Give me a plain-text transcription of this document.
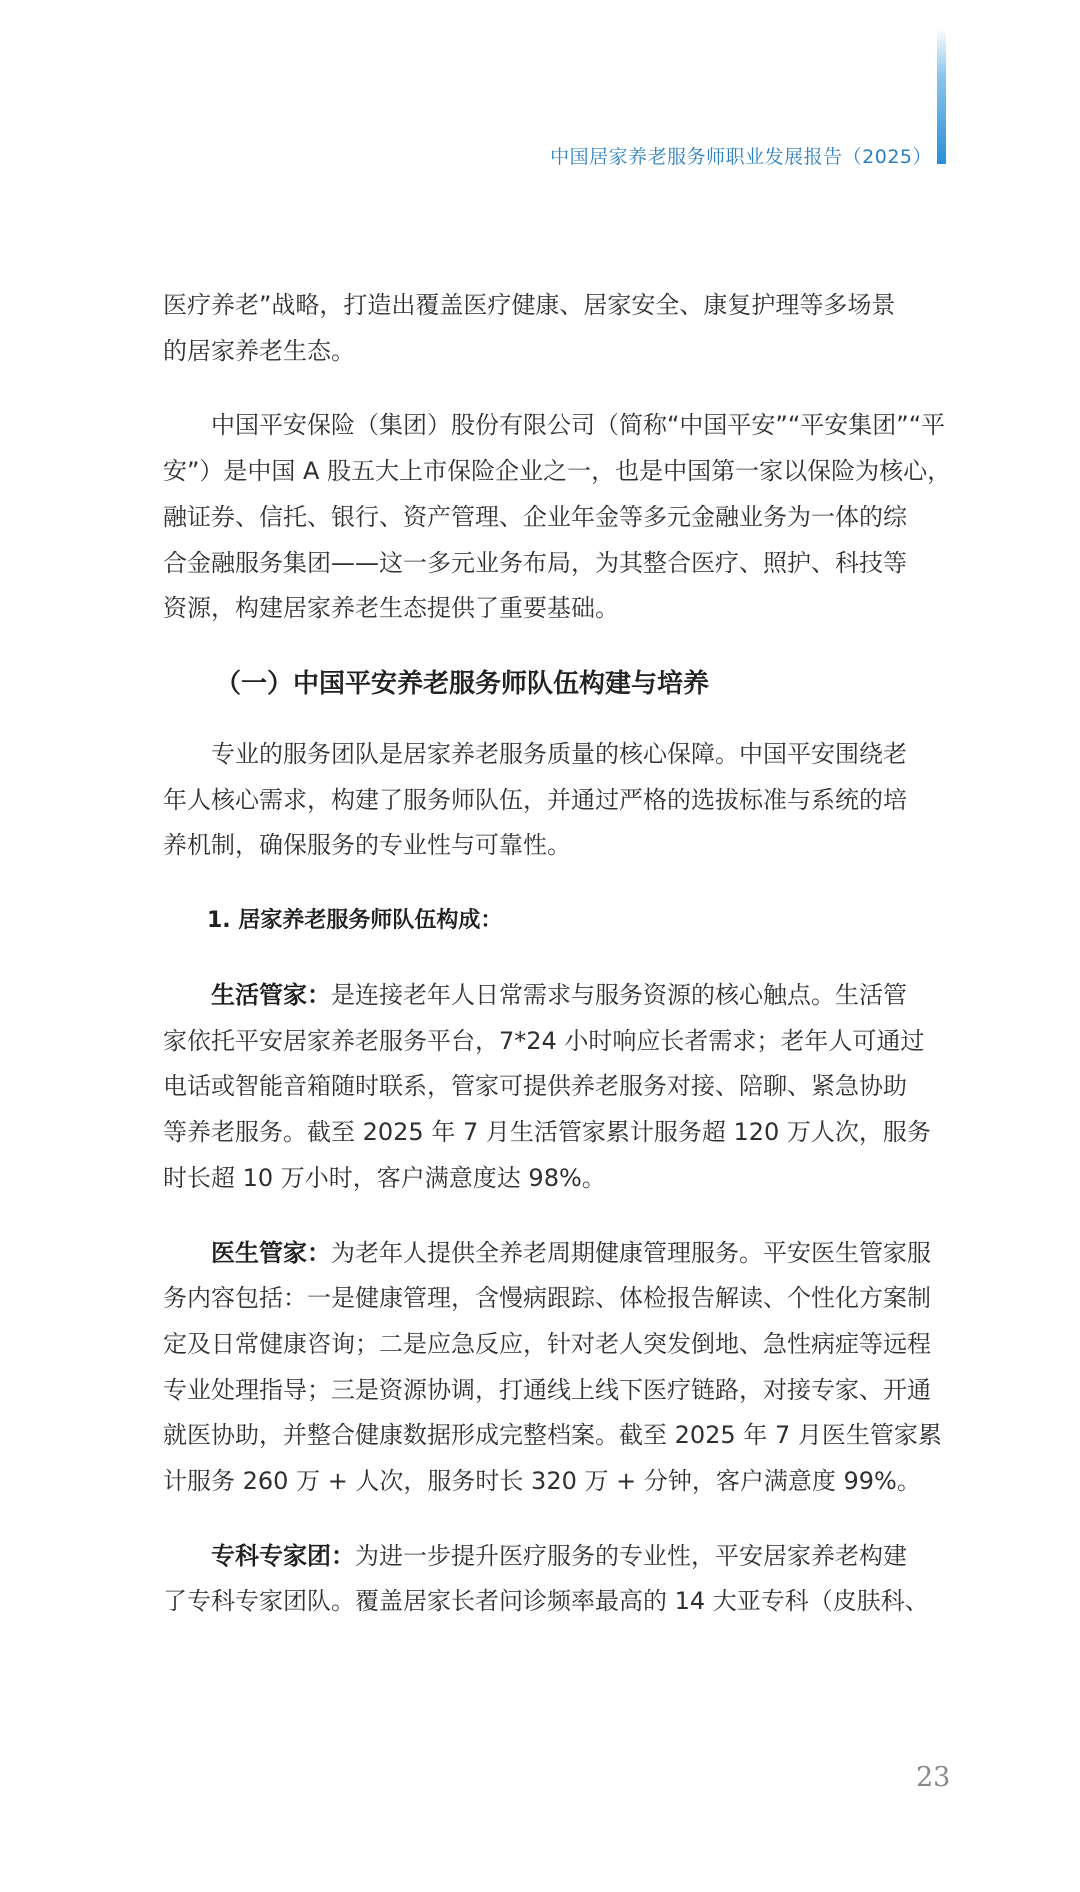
中国居家养老服务师职业发展报告（2025）

医疗养老”战略，打造出覆盖医疗健康、居家安全、康复护理等多场景
的居家养老生态。

中国平安保险（集团）股份有限公司（简称“中国平安”“平安集团”“平
安”）是中国 A 股五大上市保险企业之一，也是中国第一家以保险为核心，
融证券、信托、银行、资产管理、企业年金等多元金融业务为一体的综
合金融服务集团——这一多元业务布局，为其整合医疗、照护、科技等
资源，构建居家养老生态提供了重要基础。

（一）中国平安养老服务师队伍构建与培养

专业的服务团队是居家养老服务质量的核心保障。中国平安围绕老
年人核心需求，构建了服务师队伍，并通过严格的选拔标准与系统的培
养机制，确保服务的专业性与可靠性。

1. 居家养老服务师队伍构成：

生活管家：是连接老年人日常需求与服务资源的核心触点。生活管
家依托平安居家养老服务平台，7*24 小时响应长者需求；老年人可通过
电话或智能音箱随时联系，管家可提供养老服务对接、陪聊、紧急协助
等养老服务。截至 2025 年 7 月生活管家累计服务超 120 万人次，服务
时长超 10 万小时，客户满意度达 98%。

医生管家：为老年人提供全养老周期健康管理服务。平安医生管家服
务内容包括：一是健康管理，含慢病跟踪、体检报告解读、个性化方案制
定及日常健康咨询；二是应急反应，针对老人突发倒地、急性病症等远程
专业处理指导；三是资源协调，打通线上线下医疗链路，对接专家、开通
就医协助，并整合健康数据形成完整档案。截至 2025 年 7 月医生管家累
计服务 260 万 + 人次，服务时长 320 万 + 分钟，客户满意度 99%。

专科专家团：为进一步提升医疗服务的专业性，平安居家养老构建
了专科专家团队。覆盖居家长者问诊频率最高的 14 大亚专科（皮肤科、

23
